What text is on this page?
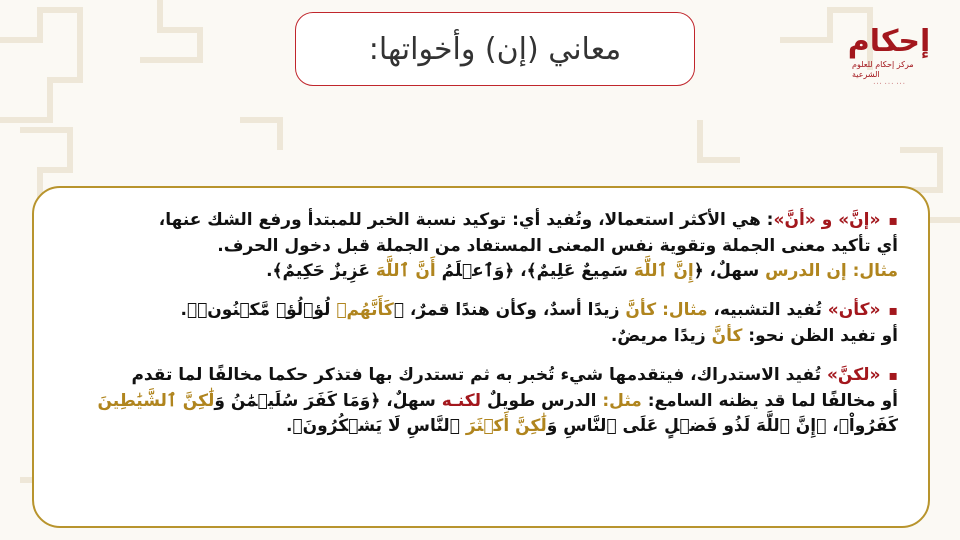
معاني (إن) وأخواتها:	إحكام
مركز إحكام للعلوم الشرعية
٠٠٠ ٠٠٠ ٠٠٠
▪«إنَّ» و «أنَّ»: هي الأكثر استعمالا، وتُفيد أي: توكيد نسبة الخبر للمبتدأ ورفع الشك عنها،
أي تأكيد معنى الجملة وتقوية نفس المعنى المستفاد من الجملة قبل دخول الحرف.
مثال: إن الدرس سهلٌ، ﴿إِنَّ ٱللَّهَ سَمِيعٌ عَلِيمٌ﴾، ﴿وَٱعۡلَمُ أَنَّ ٱللَّهَ عَزِيزٌ حَكِيمٌ﴾.
▪«كأن» تُفيد التشبيه، مثال: كأنَّ زيدًا أسدٌ، وكأن هندًا قمرٌ، ﴿كَأَنَّهُمۡ لُؤۡلُؤٞ مَّكۡنُونٞ﴾.
أو تفيد الظن نحو: كأنَّ زيدًا مريضٌ.
▪«لكنَّ» تُفيد الاستدراك، فيتقدمها شيء تُخبر به ثم تستدرك بها فتذكر حكما مخالفًا لما تقدم
أو مخالفًا لما قد يظنه السامع: مثل: الدرس طويلٌ لكنـه سهلٌ، ﴿وَمَا كَفَرَ سُلَيۡمَٰنُ وَلَٰكِنَّ ٱلشَّيَٰطِينَ
كَفَرُواْ﴾، ﴿إِنَّ ٱللَّهَ لَذُو فَضۡلٍ عَلَى ٱلنَّاسِ وَلَٰكِنَّ أَكۡثَرَ ٱلنَّاسِ لَا يَشۡكُرُونَ﴾.
